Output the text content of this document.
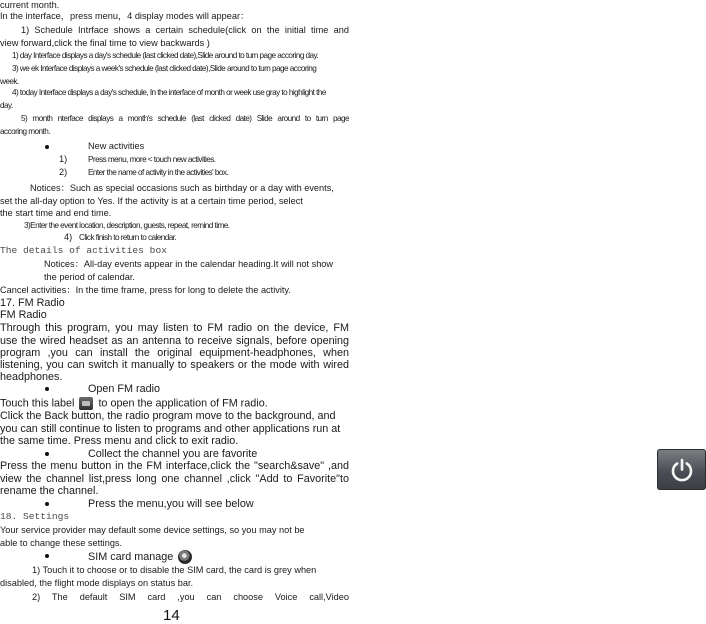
current month.
In the interface，press menu，4 display modes will appear：
1) Schedule Intrface shows a certain schedule(click on the initial time and
view forward,click the final time to view backwards )
1) day Interface displays a day's schedule (last clicked date),Slide around to turn page accoring day.
3) we ek Interface displays a week's schedule (last clicked date),Slide around to turn page accoring
week.
4) today Interface displays a day's schedule, In the interface of month or week use gray to highlight the
day.
5) month nterface displays a month's schedule (last clicked date) Slide around to turn page
accoring month.
New activities
1)	Press menu, more < touch new activities.
2)	Enter the name of activity in the activities' box.
Notices：Such as special occasions such as birthday or a day with events,
set the all-day option to Yes. If the activity is at a certain time period, select
the start time and end time.
3)Enter the event location, description, guests, repeat, remind time.
4) Click finish to return to calendar.
The details of activities box
Notices：All-day events appear in the calendar heading.It will not show
the period of calendar.
Cancel activities：In the time frame, press for long to delete the activity.
17. FM Radio
FM Radio
Through this program, you may listen to FM radio on the device, FM
use the wired headset as an antenna to receive signals, before opening
program ,you can install the original equipment-headphones, when
listening, you can switch it manually to speakers or the mode with wired
headphones.
Open FM radio
Touch this label to open the application of FM radio.
Click the Back button, the radio program move to the background, and
you can still continue to listen to programs and other applications run at
the same time. Press menu and click to exit radio.
Collect the channel you are favorite
Press the menu button in the FM interface,click the "search&save" ,and
view the channel list,press long one channel ,click "Add to Favorite"to
rename the channel.
Press the menu,you will see below
18. Settings
Your service provider may default some device settings, so you may not be
able to change these settings.
SIM card manage
1) Touch it to choose or to disable the SIM card, the card is grey when
disabled, the flight mode displays on status bar.
2) The default SIM card ,you can choose Voice call,Video
14
